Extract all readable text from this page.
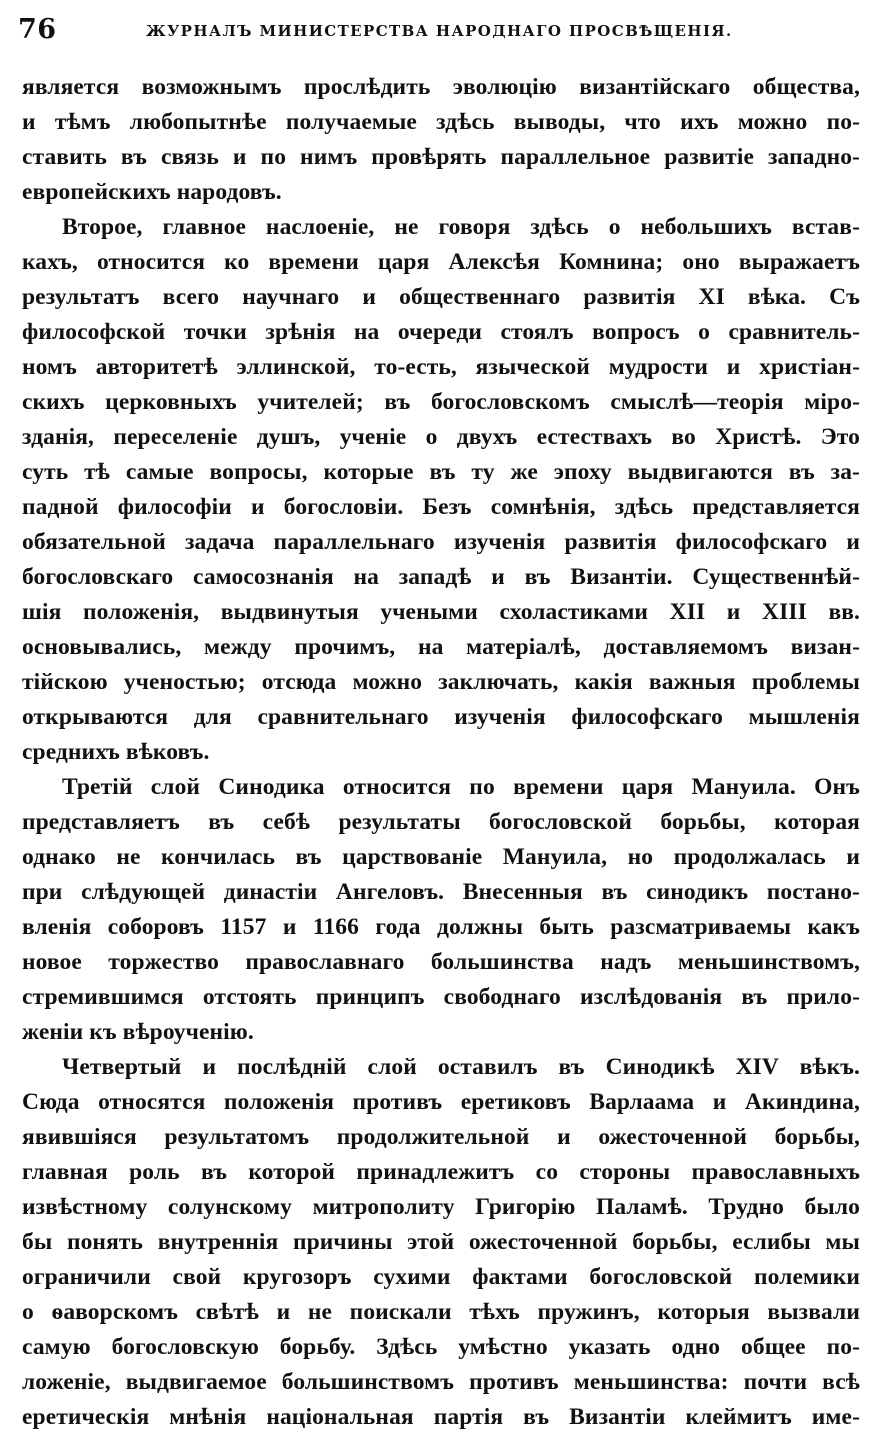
76	ЖУРНАЛЪ МИНИСТЕРСТВА НАРОДНАГО ПРОСВѢЩЕНІЯ.
является возможнымъ прослѣдить эволюцію византійскаго общества,
и тѣмъ любопытнѣе получаемые здѣсь выводы, что ихъ можно по-
ставить въ связь и по нимъ провѣрять параллельное развитіе западно-
европейскихъ народовъ.
Второе, главное наслоеніе, не говоря здѣсь о небольшихъ встав-
кахъ, относится ко времени царя Алексѣя Комнина; оно выражаетъ
результатъ всего научнаго и общественнаго развитія XI вѣка. Съ
философской точки зрѣнія на очереди стоялъ вопросъ о сравнитель-
номъ авторитетѣ эллинской, то-есть, языческой мудрости и христіан-
скихъ церковныхъ учителей; въ богословскомъ смыслѣ—теорія міро-
зданія, переселеніе душъ, ученіе о двухъ естествахъ во Христѣ. Это
суть тѣ самые вопросы, которые въ ту же эпоху выдвигаются въ за-
падной философіи и богословіи. Безъ сомнѣнія, здѣсь представляется
обязательной задача параллельнаго изученія развитія философскаго и
богословскаго самосознанія на западѣ и въ Византіи. Существеннѣй-
шія положенія, выдвинутыя учеными схоластиками XII и XIII вв.
основывались, между прочимъ, на матеріалѣ, доставляемомъ визан-
тійскою ученостью; отсюда можно заключать, какія важныя проблемы
открываются для сравнительнаго изученія философскаго мышленія
среднихъ вѣковъ.
Третій слой Синодика относится по времени царя Мануила. Онъ
представляетъ въ себѣ результаты богословской борьбы, которая
однако не кончилась въ царствованіе Мануила, но продолжалась и
при слѣдующей династіи Ангеловъ. Внесенныя въ синодикъ постано-
вленія соборовъ 1157 и 1166 года должны быть разсматриваемы какъ
новое торжество православнаго большинства надъ меньшинствомъ,
стремившимся отстоять принципъ свободнаго изслѣдованія въ прило-
женіи къ вѣроученію.
Четвертый и послѣдній слой оставилъ въ Синодикѣ XIV вѣкъ.
Сюда относятся положенія противъ еретиковъ Варлаама и Акиндина,
явившіяся результатомъ продолжительной и ожесточенной борьбы,
главная роль въ которой принадлежитъ со стороны православныхъ
извѣстному солунскому митрополиту Григорію Паламѣ. Трудно было
бы понять внутреннія причины этой ожесточенной борьбы, еслибы мы
ограничили свой кругозоръ сухими фактами богословской полемики
о ѳаворскомъ свѣтѣ и не поискали тѣхъ пружинъ, которыя вызвали
самую богословскую борьбу. Здѣсь умѣстно указать одно общее по-
ложеніе, выдвигаемое большинствомъ противъ меньшинства: почти всѣ
еретическія мнѣнія національная партія въ Византіи клеймитъ име-
